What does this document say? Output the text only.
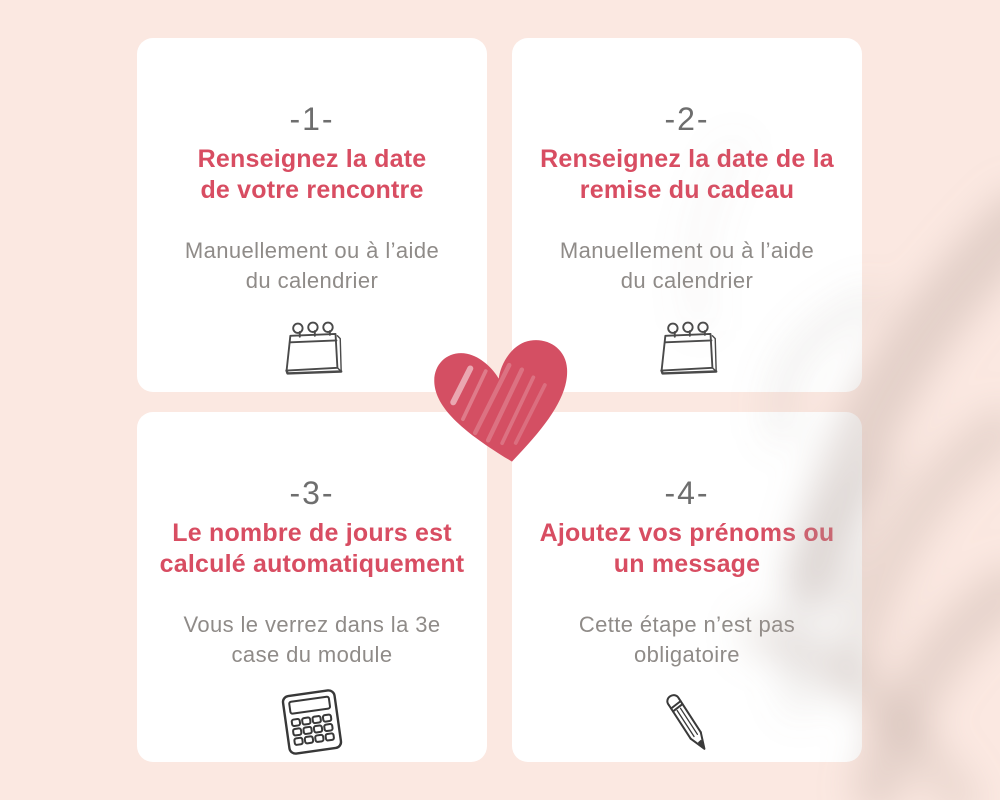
-1-
Renseignez la date
de votre rencontre

Manuellement ou à l’aide
du calendrier

-2-
Renseignez la date de la
remise du cadeau

Manuellement ou à l’aide
du calendrier

-3-
Le nombre de jours est
calculé automatiquement

Vous le verrez dans la 3e
case du module

-4-
Ajoutez vos prénoms ou
un message

Cette étape n’est pas
obligatoire
